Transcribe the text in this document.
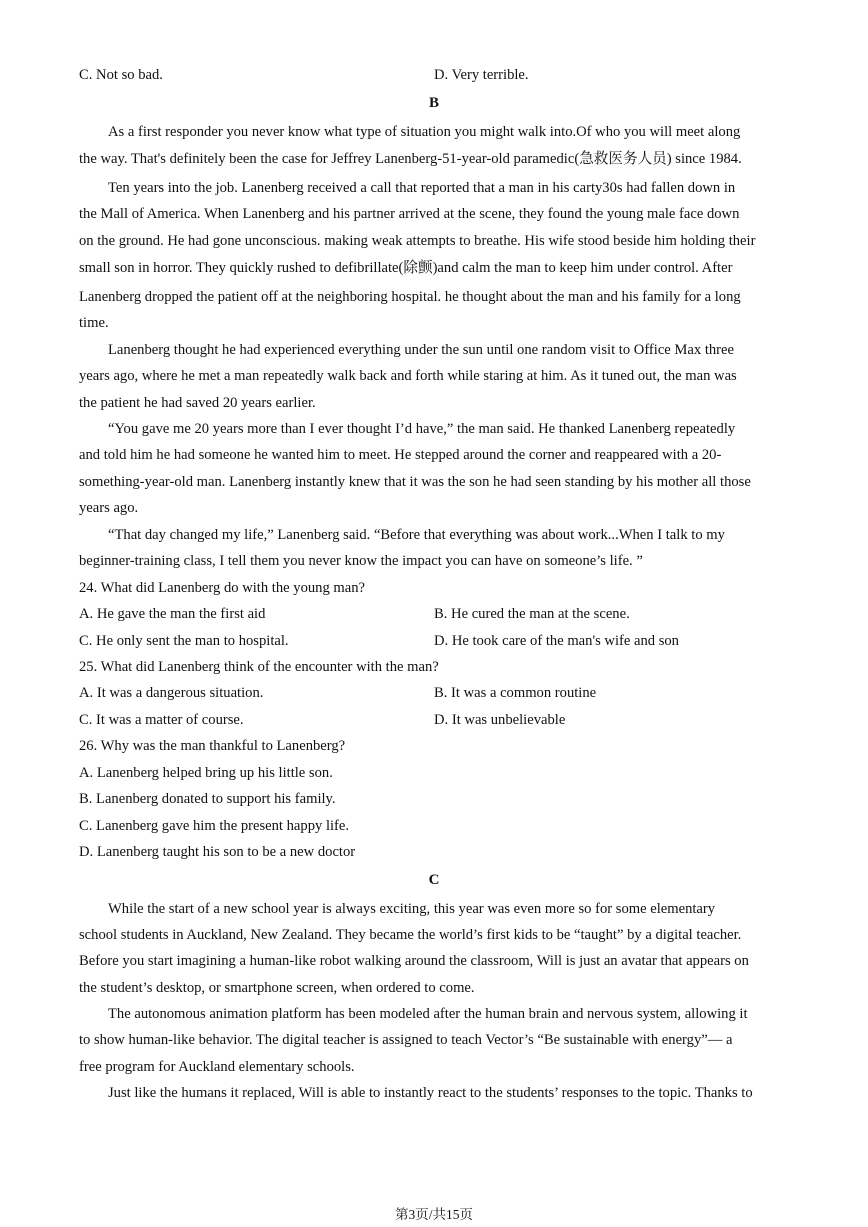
C. Not so bad.	D. Very terrible.
B
As a first responder you never know what type of situation you might walk into.Of who you will meet along
the way. That's definitely been the case for Jeffrey Lanenberg-51-year-old paramedic(急救医务人员) since 1984.
Ten years into the job. Lanenberg received a call that reported that a man in his carty30s had fallen down in
the Mall of America. When Lanenberg and his partner arrived at the scene, they found the young male face down
on the ground. He had gone unconscious. making weak attempts to breathe. His wife stood beside him holding their
small son in horror. They quickly rushed to defibrillate(除颤)and calm the man to keep him under control. After
Lanenberg dropped the patient off at the neighboring hospital. he thought about the man and his family for a long
time.
Lanenberg thought he had experienced everything under the sun until one random visit to Office Max three
years ago, where he met a man repeatedly walk back and forth while staring at him. As it tuned out, the man was
the patient he had saved 20 years earlier.
“You gave me 20 years more than I ever thought I’d have,” the man said. He thanked Lanenberg repeatedly
and told him he had someone he wanted him to meet. He stepped around the corner and reappeared with a 20-
something-year-old man. Lanenberg instantly knew that it was the son he had seen standing by his mother all those
years ago.
“That day changed my life,” Lanenberg said. “Before that everything was about work...When I talk to my
beginner-training class, I tell them you never know the impact you can have on someone’s life. ”
24. What did Lanenberg do with the young man?
A. He gave the man the first aid	B. He cured the man at the scene.
C. He only sent the man to hospital.	D. He took care of the man's wife and son
25. What did Lanenberg think of the encounter with the man?
A. It was a dangerous situation.	B. It was a common routine
C. It was a matter of course.	D. It was unbelievable
26. Why was the man thankful to Lanenberg?
A. Lanenberg helped bring up his little son.
B. Lanenberg donated to support his family.
C. Lanenberg gave him the present happy life.
D. Lanenberg taught his son to be a new doctor
C
While the start of a new school year is always exciting, this year was even more so for some elementary
school students in Auckland, New Zealand. They became the world’s first kids to be “taught” by a digital teacher.
Before you start imagining a human-like robot walking around the classroom, Will is just an avatar that appears on
the student’s desktop, or smartphone screen, when ordered to come.
The autonomous animation platform has been modeled after the human brain and nervous system, allowing it
to show human-like behavior. The digital teacher is assigned to teach Vector’s “Be sustainable with energy”— a
free program for Auckland elementary schools.
Just like the humans it replaced, Will is able to instantly react to the students’ responses to the topic. Thanks to
第3页/共15页
